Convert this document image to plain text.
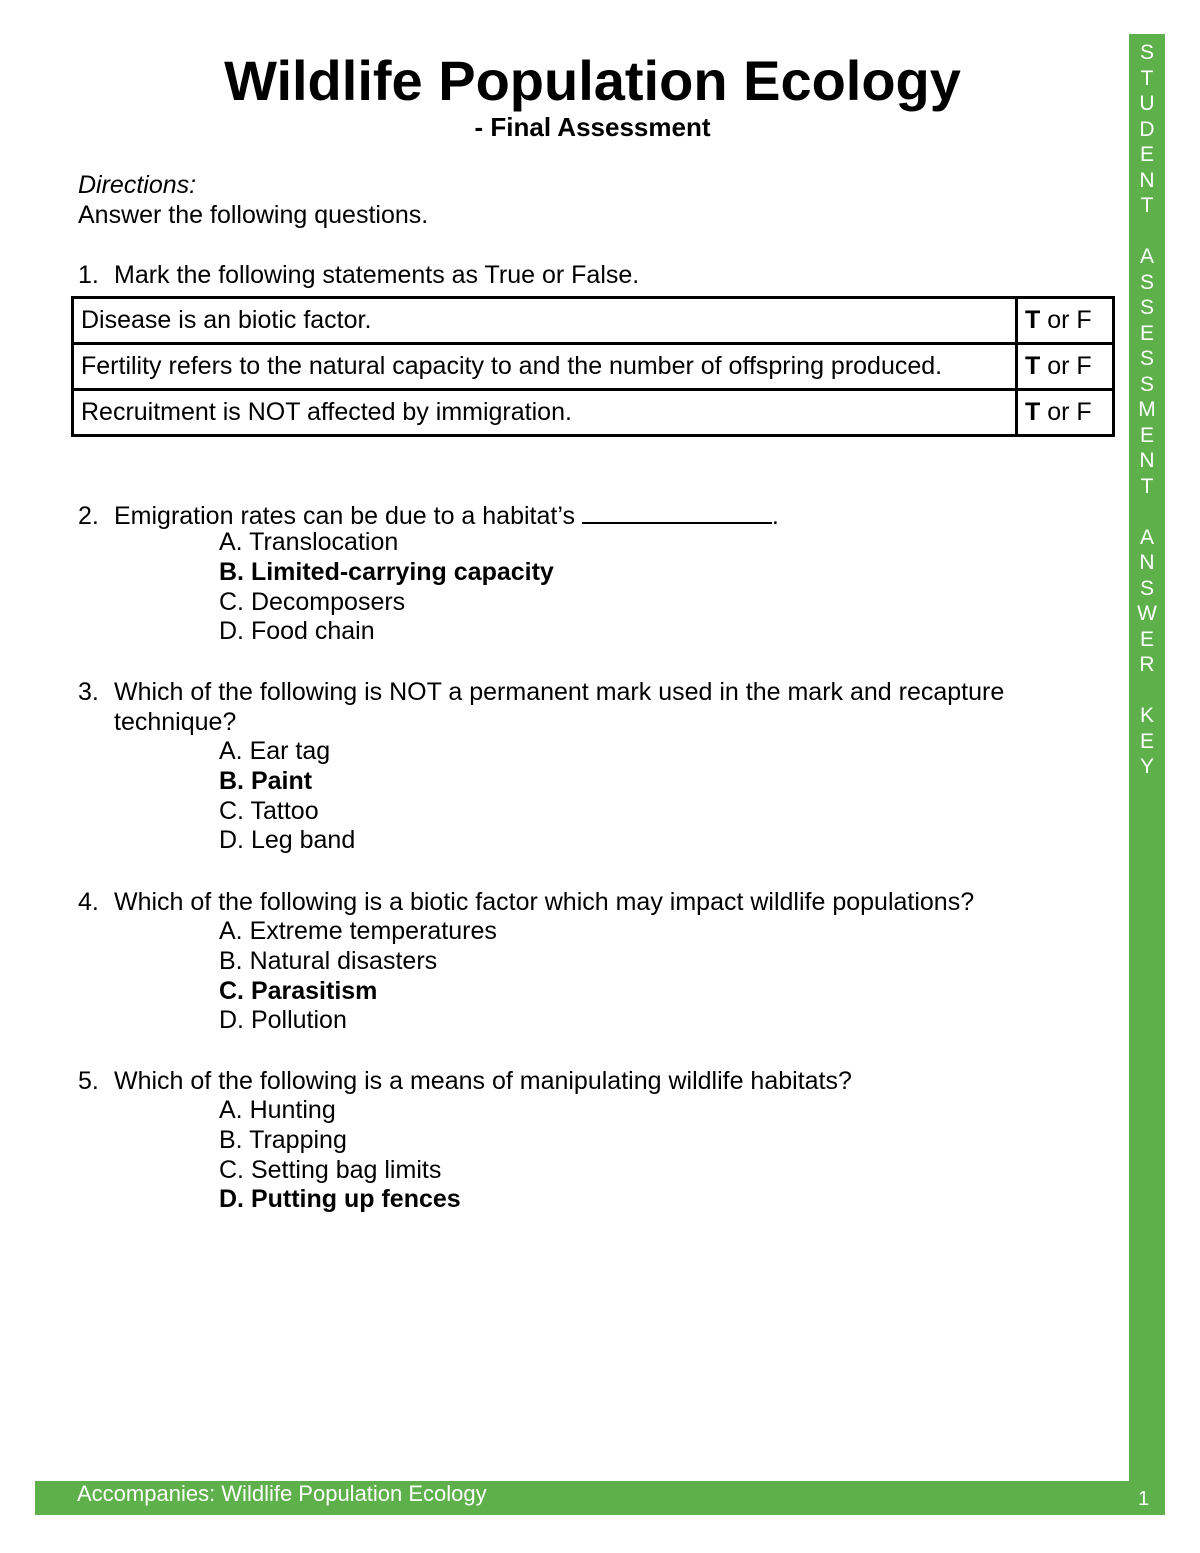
Wildlife Population Ecology
- Final Assessment
Directions:
Answer the following questions.
1. Mark the following statements as True or False.
Disease is an biotic factor.	T or F
Fertility refers to the natural capacity to and the number of offspring produced.	T or F
Recruitment is NOT affected by immigration.	T or F
2. Emigration rates can be due to a habitat’s	.
A. Translocation
B. Limited-carrying capacity
C. Decomposers
D. Food chain
3. Which of the following is NOT a permanent mark used in the mark and recapture
technique?
A. Ear tag
B. Paint
C. Tattoo
D. Leg band
4. Which of the following is a biotic factor which may impact wildlife populations?
A. Extreme temperatures
B. Natural disasters
C. Parasitism
D. Pollution
5. Which of the following is a means of manipulating wildlife habitats?
A. Hunting
B. Trapping
C. Setting bag limits
D. Putting up fences
S
T
U
D
E
N
T
A
S
S
E
S
S
M
E
N
T
A
N
S
W
E
R
K
E
Y
Accompanies: Wildlife Population Ecology	1
